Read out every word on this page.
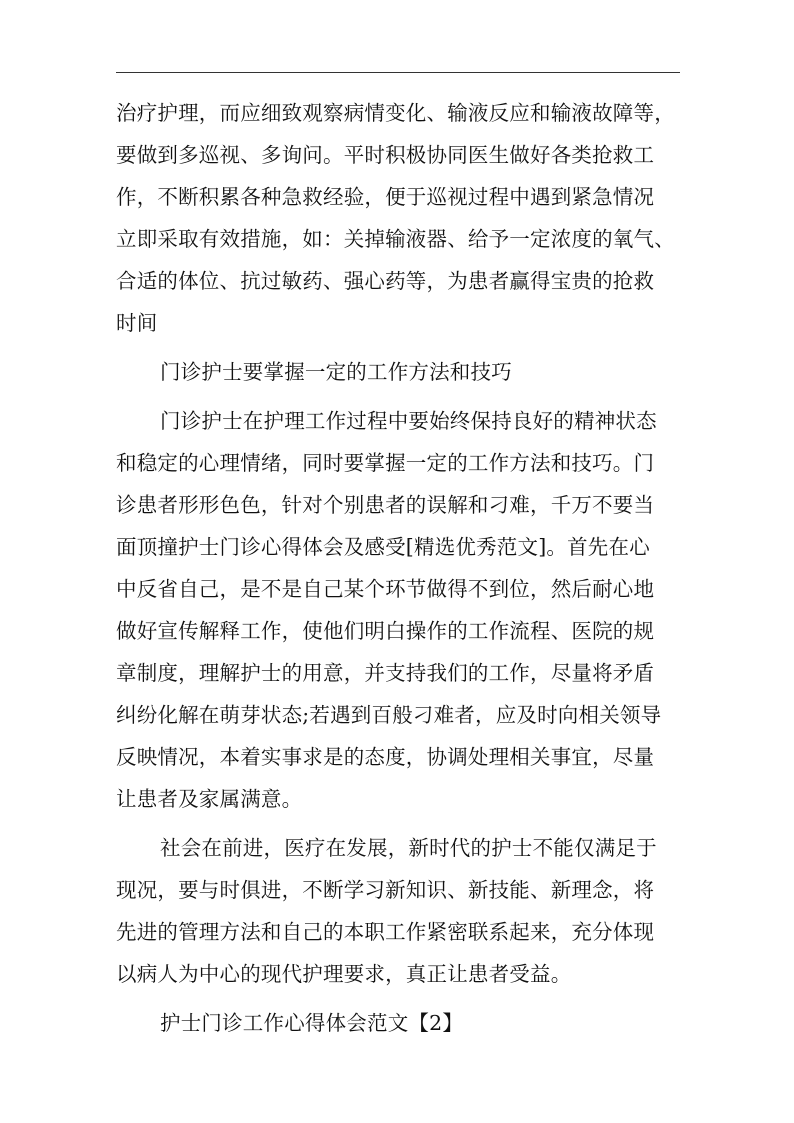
治疗护理，而应细致观察病情变化、输液反应和输液故障等，
要做到多巡视、多询问。平时积极协同医生做好各类抢救工
作，不断积累各种急救经验，便于巡视过程中遇到紧急情况
立即采取有效措施，如：关掉输液器、给予一定浓度的氧气、
合适的体位、抗过敏药、强心药等，为患者赢得宝贵的抢救
时间
门诊护士要掌握一定的工作方法和技巧
门诊护士在护理工作过程中要始终保持良好的精神状态
和稳定的心理情绪，同时要掌握一定的工作方法和技巧。门
诊患者形形色色，针对个别患者的误解和刁难，千万不要当
面顶撞护士门诊心得体会及感受[精选优秀范文]。首先在心
中反省自己，是不是自己某个环节做得不到位，然后耐心地
做好宣传解释工作，使他们明白操作的工作流程、医院的规
章制度，理解护士的用意，并支持我们的工作，尽量将矛盾
纠纷化解在萌芽状态;若遇到百般刁难者，应及时向相关领导
反映情况，本着实事求是的态度，协调处理相关事宜，尽量
让患者及家属满意。
社会在前进，医疗在发展，新时代的护士不能仅满足于
现况，要与时俱进，不断学习新知识、新技能、新理念，将
先进的管理方法和自己的本职工作紧密联系起来，充分体现
以病人为中心的现代护理要求，真正让患者受益。
护士门诊工作心得体会范文【2】
